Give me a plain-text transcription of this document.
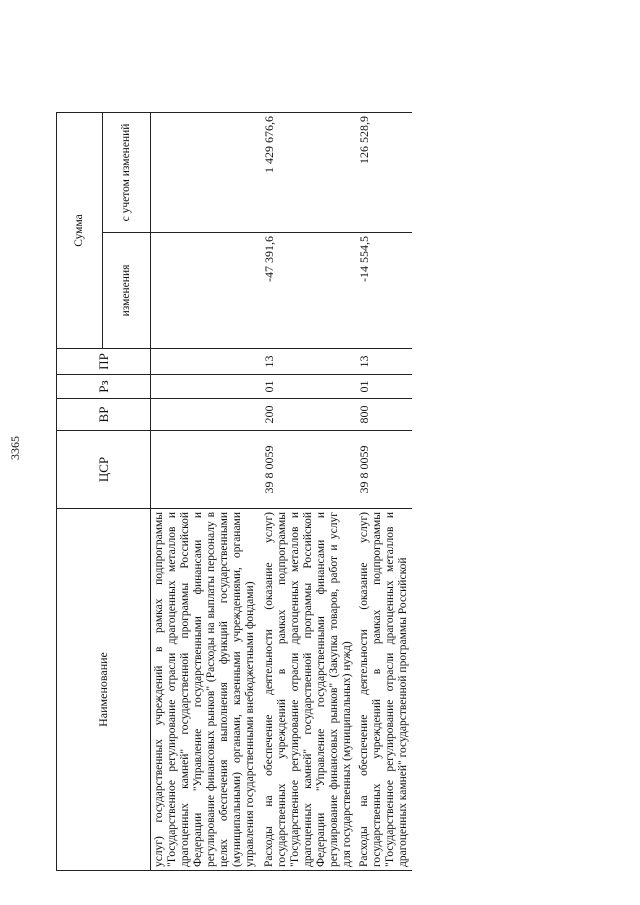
3365
Наименование	ЦСР	ВР	Рз	ПР	Сумма	
					изменения	с учетом изменений
услуг) государственных учреждений в рамках подпрограммы "Государственное регулирование отрасли драгоценных металлов и драгоценных камней" государственной программы Российской Федерации "Управление государственными финансами и регулирование финансовых рынков" (Расходы на выплаты персоналу в целях обеспечения выполнения функций государственными (муниципальными) органами, казенными учреждениями, органами управления государственными внебюджетными фондами)						
Расходы на обеспечение деятельности (оказание услуг) государственных учреждений в рамках подпрограммы "Государственное регулирование отрасли драгоценных металлов и драгоценных камней" государственной программы Российской Федерации "Управление государственными финансами и регулирование финансовых рынков" (Закупка товаров, работ и услуг для государственных (муниципальных) нужд)	39 8 0059	200	01	13	-47 391,6	1 429 676,6
Расходы на обеспечение деятельности (оказание услуг) государственных учреждений в рамках подпрограммы "Государственное регулирование отрасли драгоценных металлов и драгоценных камней" государственной программы Российской	39 8 0059	800	01	13	-14 554,5	126 528,9
